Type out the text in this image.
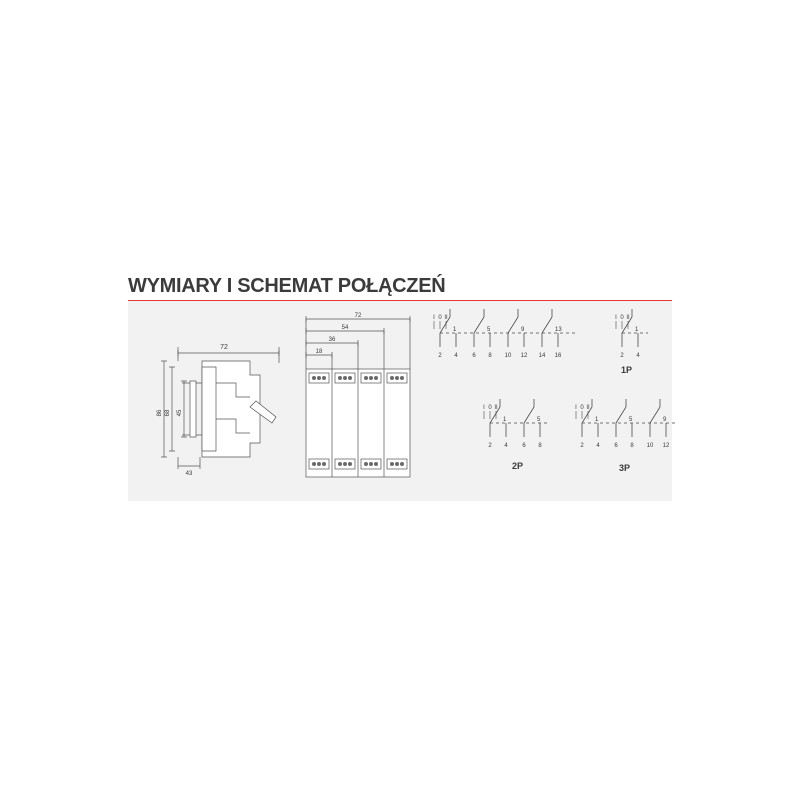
WYMIARY I SCHEMAT POŁĄCZEŃ
72
86 68 45
43
72
54
36
18
I 0 II
1	5	9	13
2 4 6 8 10 12 14 16
I 0 II
1
2 4
I 0 II
1	5
2 4 6 8
I 0 II
1	5	9
2 4 6 8 10 12
1P
2P	3P
